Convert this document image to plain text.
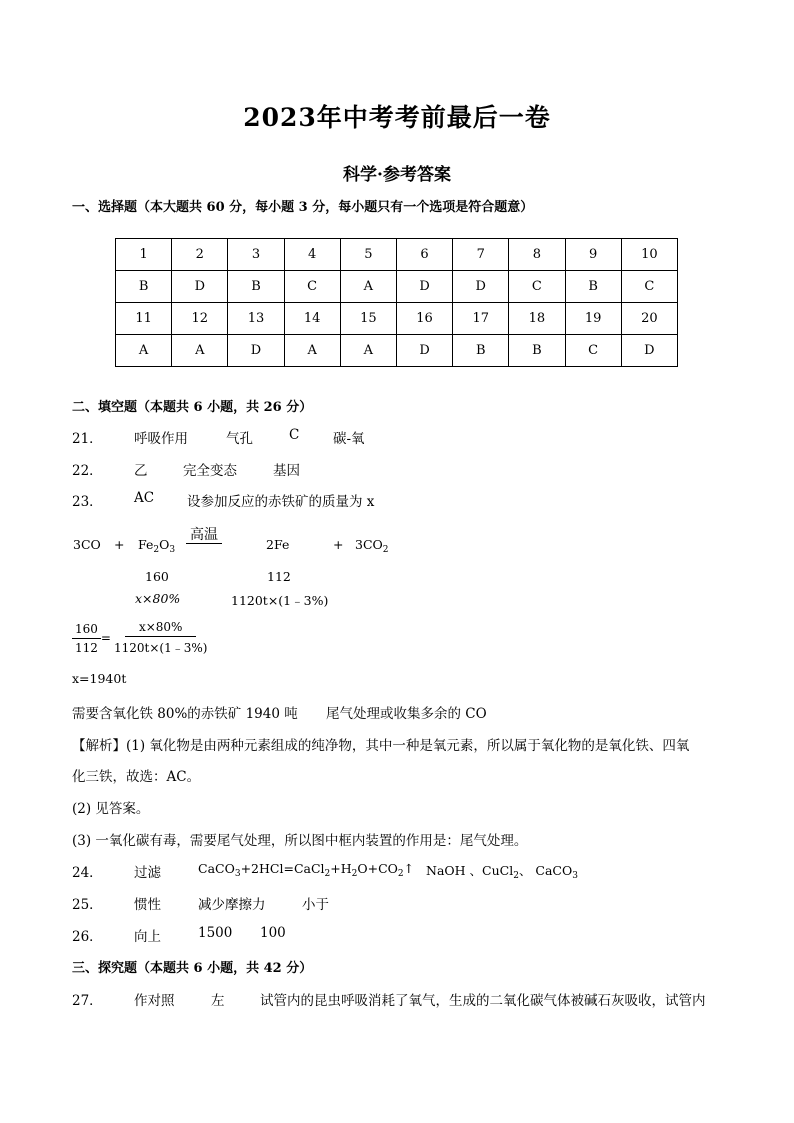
2023年中考考前最后一卷
科学·参考答案
一、选择题（本大题共 60 分，每小题 3 分，每小题只有一个选项是符合题意）
1	2	3	4	5	6	7	8	9	10
B	D	B	C	A	D	D	C	B	C
11	12	13	14	15	16	17	18	19	20
A	A	D	A	A	D	B	B	C	D
二、填空题（本题共 6 小题，共 26 分）
21． 呼吸作用	气孔	C 碳-氧
22． 乙	完全变态	基因
23． AC 设参加反应的赤铁矿的质量为 x
$3CO + Fe_2O_3$
高温
2Fe	+ $3CO_2$
160	112
x×80%	1120t×(1﹣3%)
$\frac{160}{112} = \frac{x\times 80\%}{1120t\times(1﹣3\%)}$
x=1940t
需要含氧化铁 80%的赤铁矿 1940 吨 尾气处理或收集多余的 CO
【解析】(1) 氧化物是由两种元素组成的纯净物，其中一种是氧元素，所以属于氧化物的是氧化铁、四氧
化三铁，故选：AC。
(2) 见答案。
(3) 一氧化碳有毒，需要尾气处理，所以图中框内装置的作用是：尾气处理。
24． 过滤	$CaCO_3+2HCl=CaCl_2+H_2O+CO_2↑$ NaOH 、CuCl$_2$、 CaCO$_3$
25． 惯性	减少摩擦力	小于
26． 向上	1500 100
三、探究题（本题共 6 小题，共 42 分）
27． 作对照	左	试管内的昆虫呼吸消耗了氧气，生成的二氧化碳气体被碱石灰吸收，试管内
